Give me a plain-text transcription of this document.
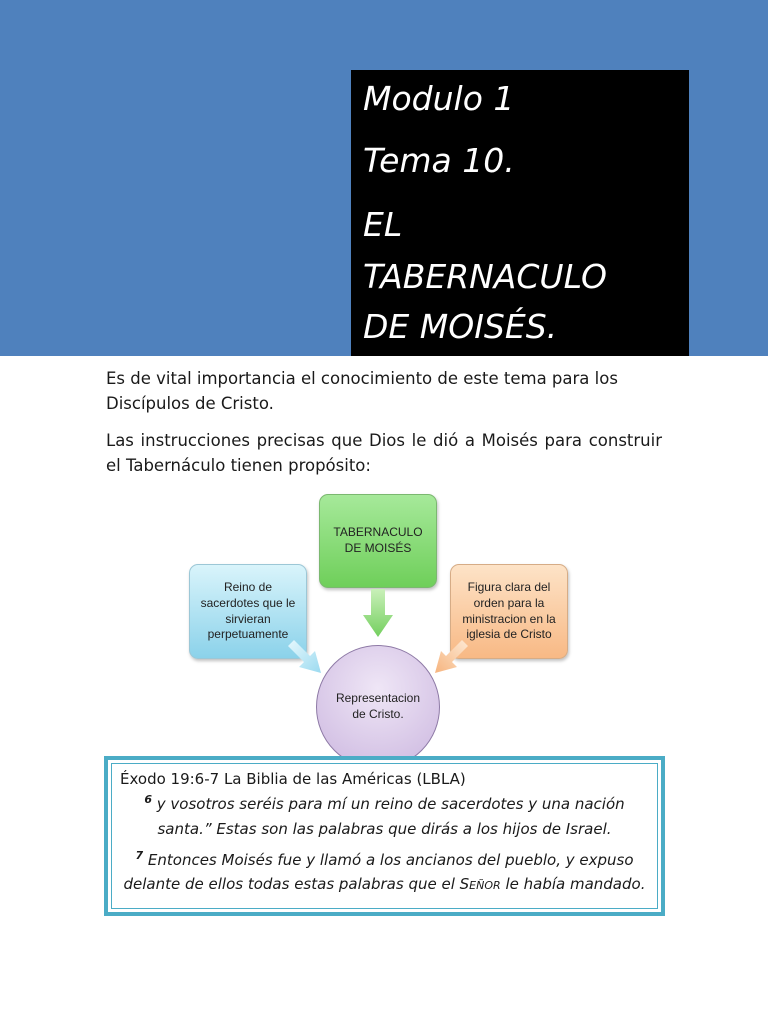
Modulo 1
Tema 10.
EL
TABERNACULO
DE MOISÉS.

Es de vital importancia el conocimiento de este tema para los Discípulos de Cristo.

Las instrucciones precisas que Dios le dió a Moisés para construir el Tabernáculo tienen propósito:

Representacion de Cristo.
TABERNACULO DE MOISÉS
Reino de sacerdotes que le sirvieran perpetuamente
Figura clara del orden para la ministracion en la iglesia de Cristo

Éxodo 19:6-7 La Biblia de las Américas (LBLA)

$^6$ y vosotros seréis para mí un reino de sacerdotes y una nación

santa.” Estas son las palabras que dirás a los hijos de Israel.

$^7$ Entonces Moisés fue y llamó a los ancianos del pueblo, y expuso

delante de ellos todas estas palabras que el Señor le había mandado.
